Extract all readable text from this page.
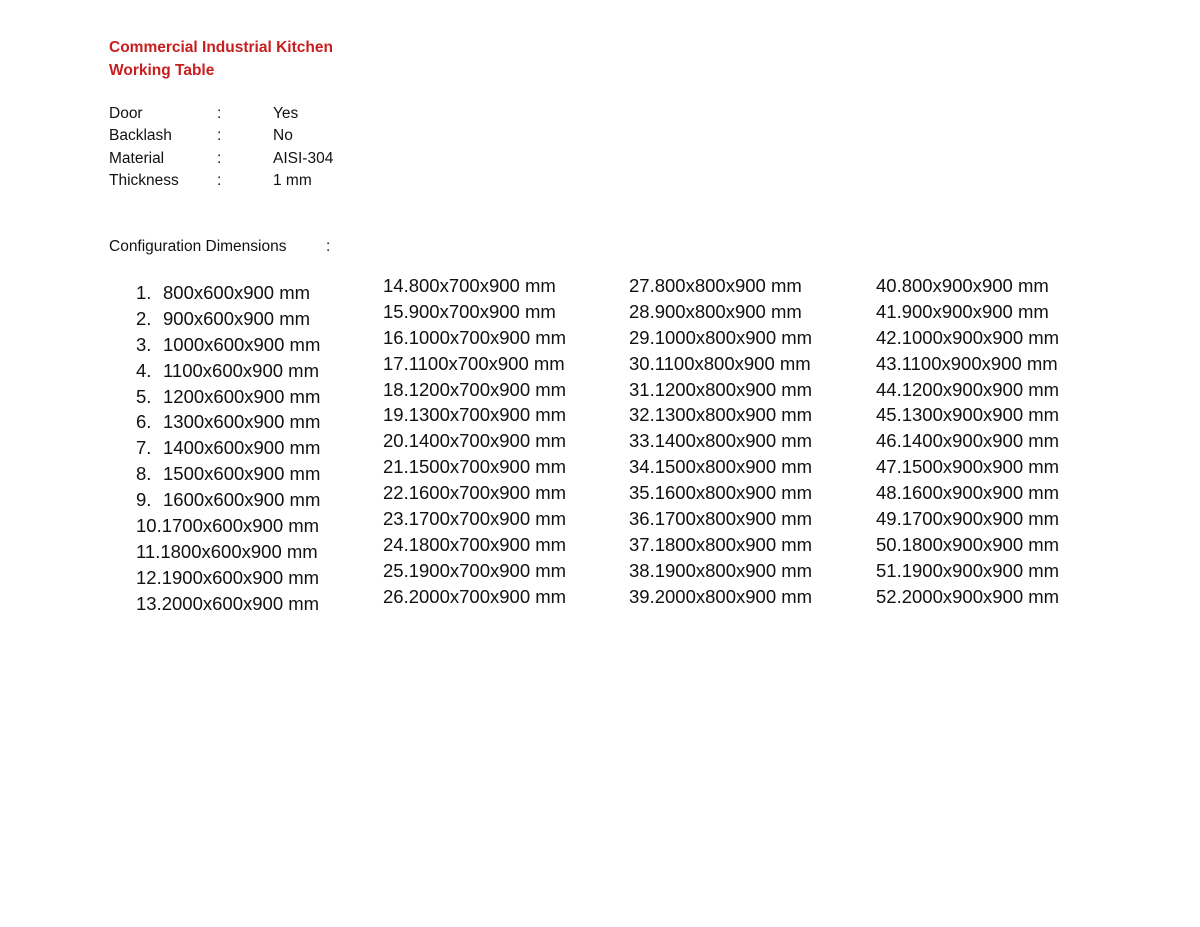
Commercial Industrial Kitchen
Working Table
Door	:	Yes
Backlash	:	No
Material	:	AISI-304
Thickness :	1 mm
Configuration Dimensions	:
1. 800x600x900 mm
2. 900x600x900 mm
3. 1000x600x900 mm
4. 1100x600x900 mm
5. 1200x600x900 mm
6. 1300x600x900 mm
7. 1400x600x900 mm
8. 1500x600x900 mm
9. 1600x600x900 mm
10.1700x600x900 mm
11.1800x600x900 mm
12.1900x600x900 mm
13.2000x600x900 mm
14.800x700x900 mm
15.900x700x900 mm
16.1000x700x900 mm
17.1100x700x900 mm
18.1200x700x900 mm
19.1300x700x900 mm
20.1400x700x900 mm
21.1500x700x900 mm
22.1600x700x900 mm
23.1700x700x900 mm
24.1800x700x900 mm
25.1900x700x900 mm
26.2000x700x900 mm
27.800x800x900 mm
28.900x800x900 mm
29.1000x800x900 mm
30.1100x800x900 mm
31.1200x800x900 mm
32.1300x800x900 mm
33.1400x800x900 mm
34.1500x800x900 mm
35.1600x800x900 mm
36.1700x800x900 mm
37.1800x800x900 mm
38.1900x800x900 mm
39.2000x800x900 mm
40.800x900x900 mm
41.900x900x900 mm
42.1000x900x900 mm
43.1100x900x900 mm
44.1200x900x900 mm
45.1300x900x900 mm
46.1400x900x900 mm
47.1500x900x900 mm
48.1600x900x900 mm
49.1700x900x900 mm
50.1800x900x900 mm
51.1900x900x900 mm
52.2000x900x900 mm
